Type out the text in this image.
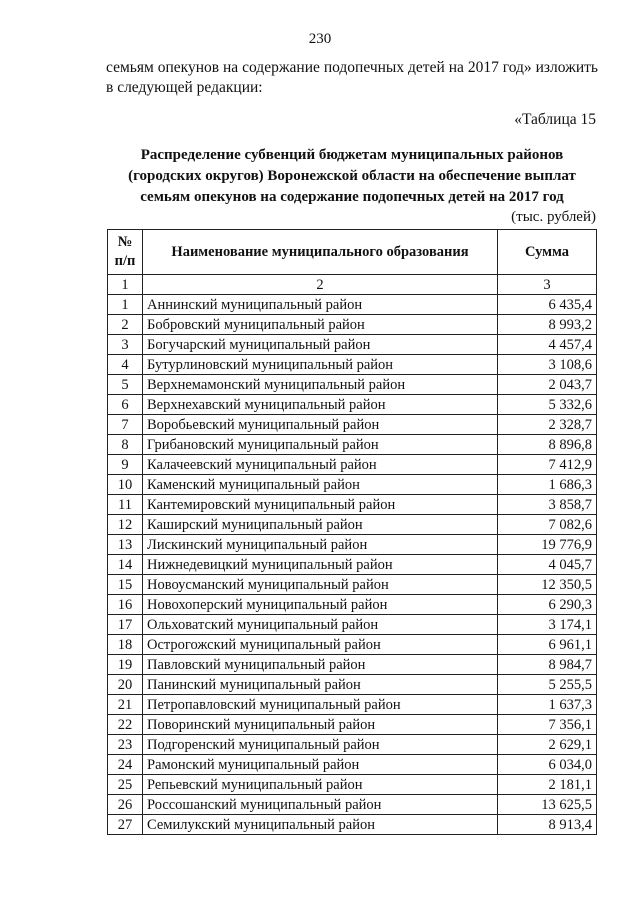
230
семьям опекунов на содержание подопечных детей на 2017 год» изложить в следующей редакции:
«Таблица 15
Распределение субвенций бюджетам муниципальных районов (городских округов) Воронежской области на обеспечение выплат семьям опекунов на содержание подопечных детей на 2017 год
№ п/п	Наименование муниципального образования	Сумма
1	2	3
1	Аннинский муниципальный район	6 435,4
2	Бобровский муниципальный район	8 993,2
3	Богучарский муниципальный район	4 457,4
4	Бутурлиновский муниципальный район	3 108,6
5	Верхнемамонский муниципальный район	2 043,7
6	Верхнехавский муниципальный район	5 332,6
7	Воробьевский муниципальный район	2 328,7
8	Грибановский муниципальный район	8 896,8
9	Калачеевский муниципальный район	7 412,9
10	Каменский муниципальный район	1 686,3
11	Кантемировский муниципальный район	3 858,7
12	Каширский муниципальный район	7 082,6
13	Лискинский муниципальный район	19 776,9
14	Нижнедевицкий муниципальный район	4 045,7
15	Новоусманский муниципальный район	12 350,5
16	Новохоперский муниципальный район	6 290,3
17	Ольховатский муниципальный район	3 174,1
18	Острогожский муниципальный район	6 961,1
19	Павловский муниципальный район	8 984,7
20	Панинский муниципальный район	5 255,5
21	Петропавловский муниципальный район	1 637,3
22	Поворинский муниципальный район	7 356,1
23	Подгоренский муниципальный район	2 629,1
24	Рамонский муниципальный район	6 034,0
25	Репьевский муниципальный район	2 181,1
26	Россошанский муниципальный район	13 625,5
27	Семилукский муниципальный район	8 913,4
(тыс. рублей)
